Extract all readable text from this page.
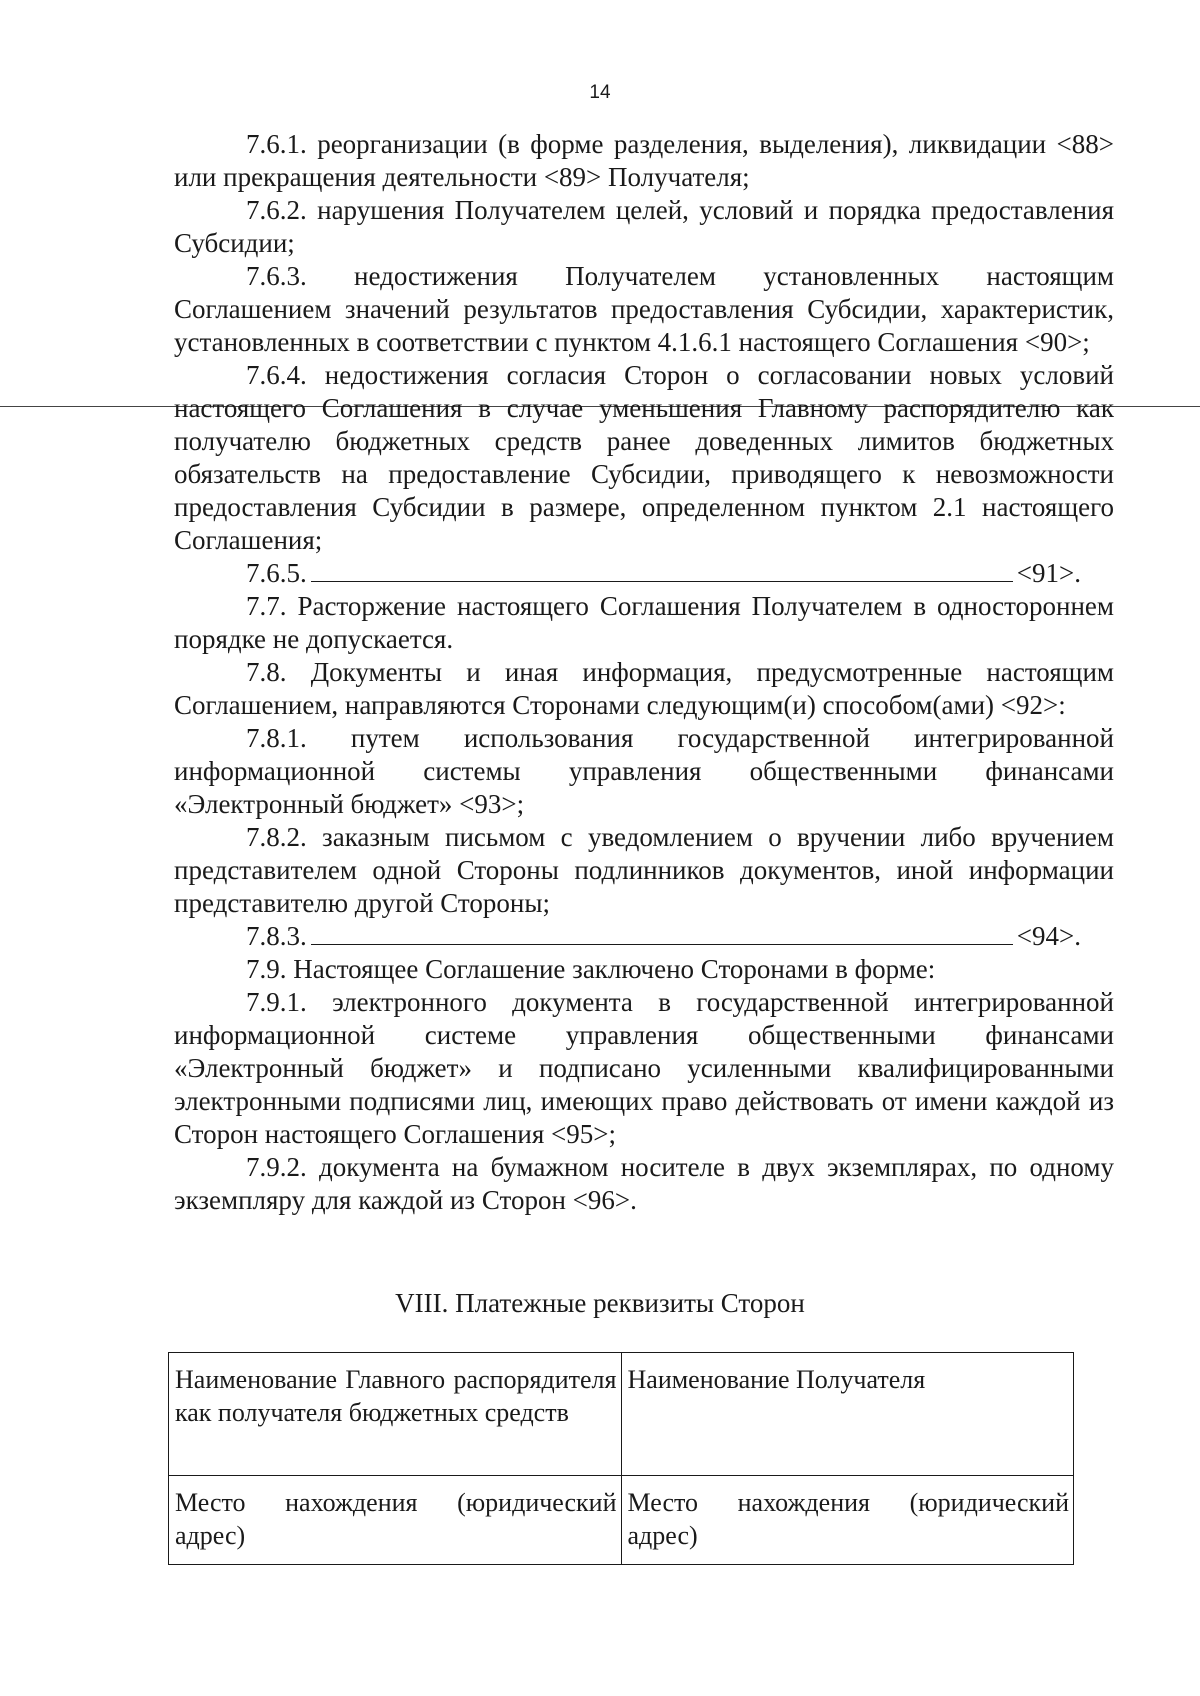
14

7.6.1. реорганизации (в форме разделения, выделения), ликвидации <88> или прекращения деятельности <89> Получателя;

7.6.2. нарушения Получателем целей, условий и порядка предоставления Субсидии;

7.6.3. недостижения Получателем установленных настоящим Соглашением значений результатов предоставления Субсидии, характеристик, установленных в соответствии с пунктом 4.1.6.1 настоящего Соглашения <90>;

7.6.4. недостижения согласия Сторон о согласовании новых условий настоящего Соглашения в случае уменьшения Главному распорядителю как получателю бюджетных средств ранее доведенных лимитов бюджетных обязательств на предоставление Субсидии, приводящего к невозможности предоставления Субсидии в размере, определенном пунктом 2.1 настоящего Соглашения;

7.6.5.	<91>.

7.7. Расторжение настоящего Соглашения Получателем в одностороннем порядке не допускается.

7.8. Документы и иная информация, предусмотренные настоящим Соглашением, направляются Сторонами следующим(и) способом(ами) <92>:

7.8.1. путем использования государственной интегрированной информационной системы управления общественными финансами «Электронный бюджет» <93>;

7.8.2. заказным письмом с уведомлением о вручении либо вручением представителем одной Стороны подлинников документов, иной информации представителю другой Стороны;

7.8.3.	<94>.

7.9. Настоящее Соглашение заключено Сторонами в форме:

7.9.1. электронного документа в государственной интегрированной информационной системе управления общественными финансами «Электронный бюджет» и подписано усиленными квалифицированными электронными подписями лиц, имеющих право действовать от имени каждой из Сторон настоящего Соглашения <95>;

7.9.2. документа на бумажном носителе в двух экземплярах, по одному экземпляру для каждой из Сторон <96>.

VIII. Платежные реквизиты Сторон
Наименование Главного распорядителя как получателя бюджетных средств	Наименование Получателя
Место нахождения (юридический адрес)	Место нахождения (юридический адрес)
